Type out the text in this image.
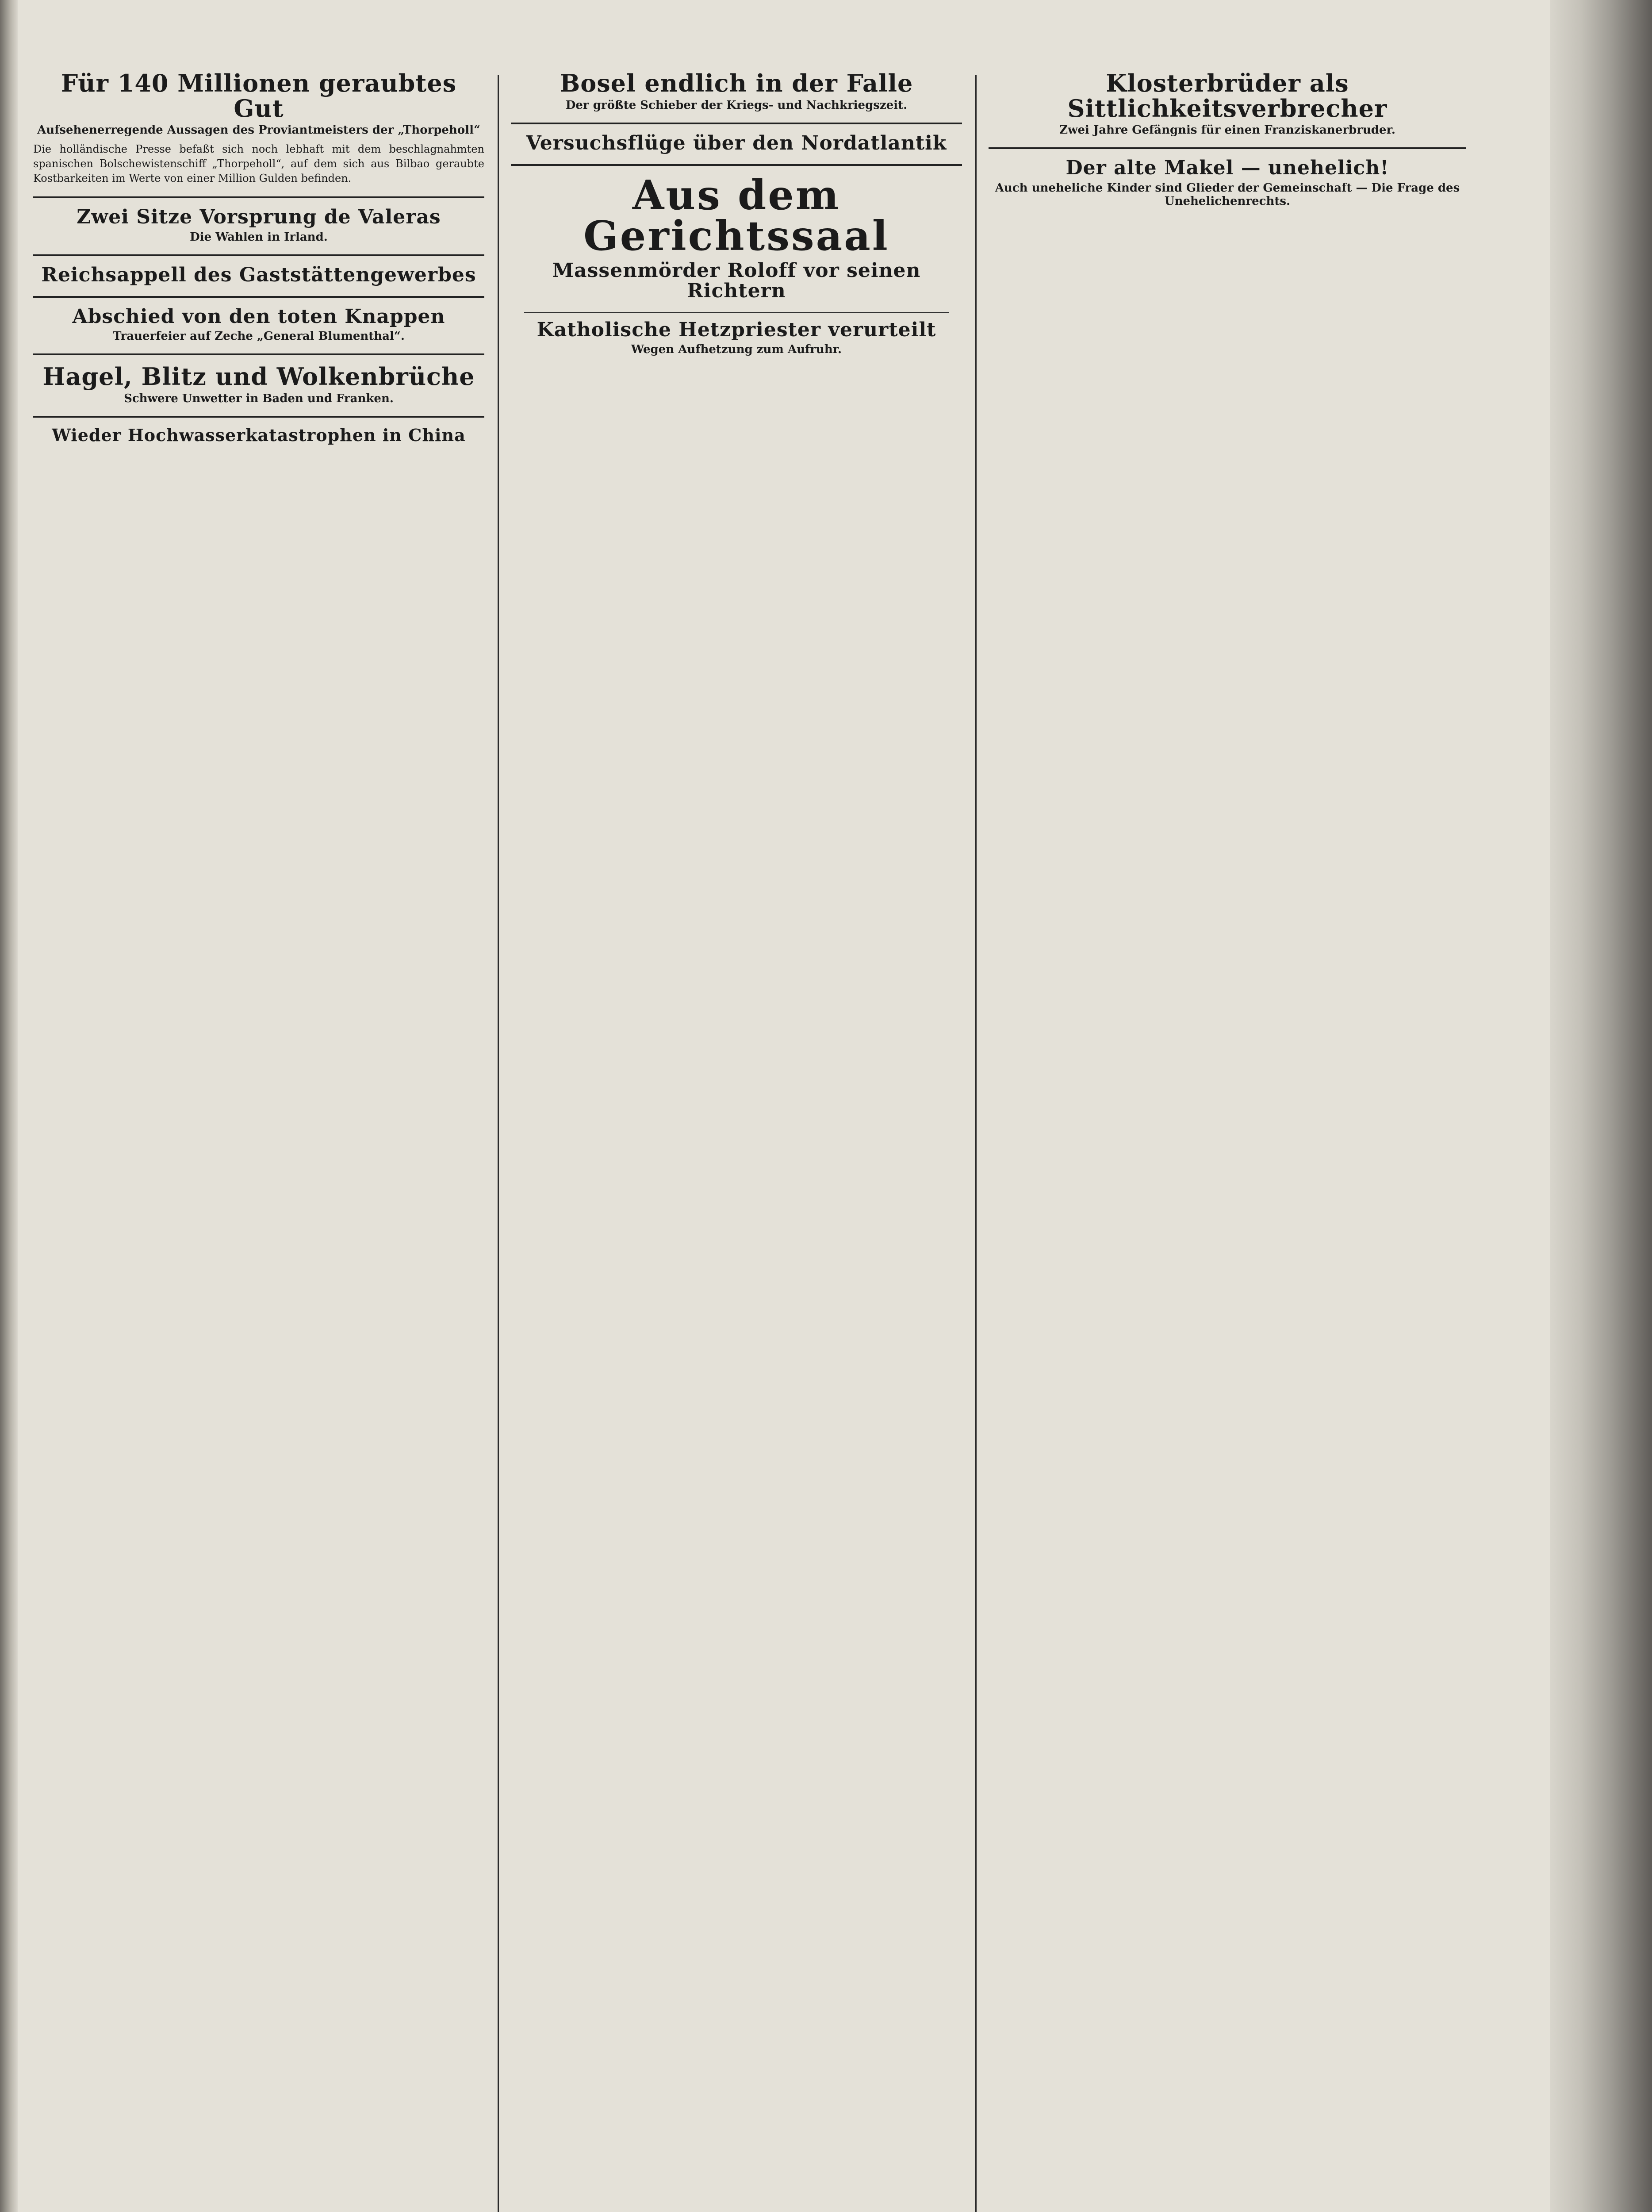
Für 140 Millionen geraubtes Gut
Aufsehenerregende Aussagen des Proviantmeisters der „Thorpeholl“

Die holländische Presse befaßt sich noch lebhaft mit dem beschlagnahmten spanischen Bolschewistenschiff „Thorpeholl“, auf dem sich aus Bilbao geraubte Kostbarkeiten im Werte von einer Million Gulden befinden.

Zwei Sitze Vorsprung de Valeras
Die Wahlen in Irland.

Reichsappell des Gaststättengewerbes

Abschied von den toten Knappen
Trauerfeier auf Zeche „General Blumenthal“.

Hagel, Blitz und Wolkenbrüche
Schwere Unwetter in Baden und Franken.

Wieder Hochwasserkatastrophen in China

Bosel endlich in der Falle
Der größte Schieber der Kriegs- und Nachkriegszeit.

Versuchsflüge über den Nordatlantik

Aus dem Gerichtssaal
Massenmörder Roloff vor seinen Richtern

Katholische Hetzpriester verurteilt
Wegen Aufhetzung zum Aufruhr.

Klosterbrüder als Sittlichkeitsverbrecher
Zwei Jahre Gefängnis für einen Franziskanerbruder.

Der alte Makel — unehelich!
Auch uneheliche Kinder sind Glieder der Gemeinschaft — Die Frage des Unehelichenrechts.
